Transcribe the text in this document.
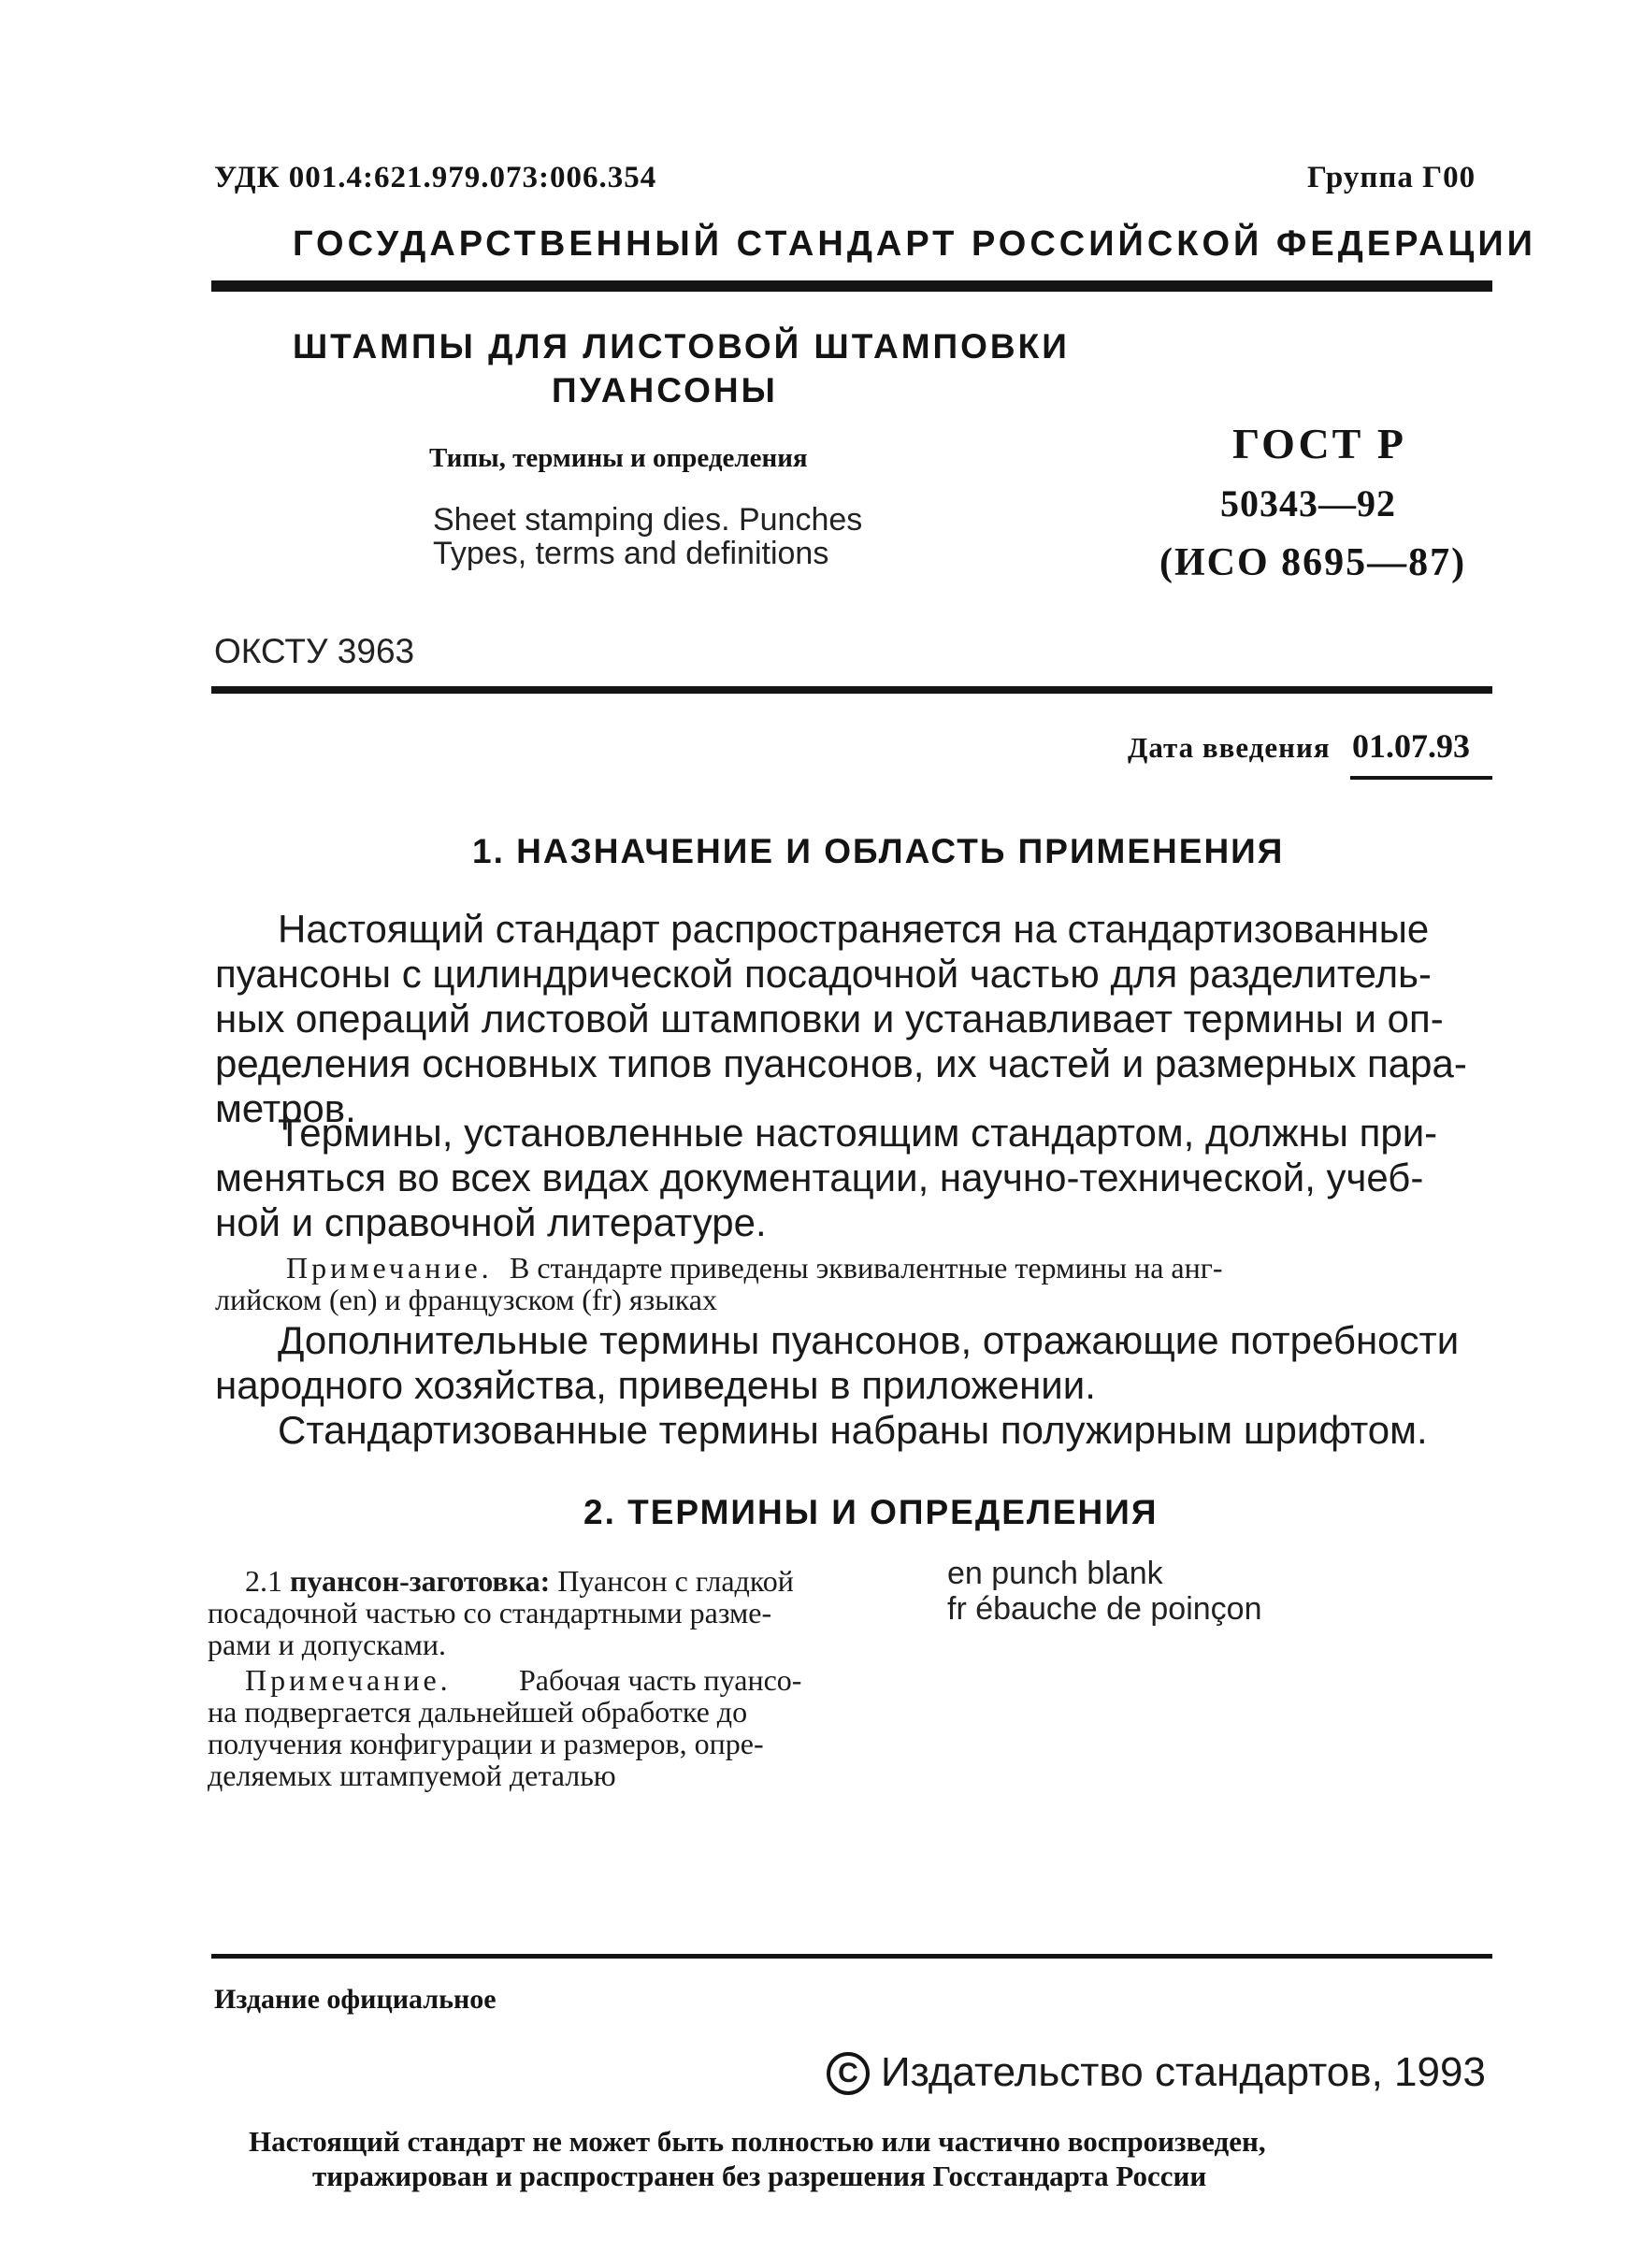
УДК 001.4:621.979.073:006.354	Группа Г00
ГОСУДАРСТВЕННЫЙ СТАНДАРТ РОССИЙСКОЙ ФЕДЕРАЦИИ
ШТАМПЫ ДЛЯ ЛИСТОВОЙ ШТАМПОВКИ
ПУАНСОНЫ
Типы, термины и определения
Sheet stamping dies. Punches
Types, terms and definitions
ГОСТ Р
50343—92
(ИСО 8695—87)
ОКСТУ 3963
Дата введения 01.07.93
1. НАЗНАЧЕНИЕ И ОБЛАСТЬ ПРИМЕНЕНИЯ
Настоящий стандарт распространяется на стандартизованные
пуансоны с цилиндрической посадочной частью для разделитель-
ных операций листовой штамповки и устанавливает термины и оп-
ределения основных типов пуансонов, их частей и размерных пара-
метров.
Термины, установленные настоящим стандартом, должны при-
меняться во всех видах документации, научно-технической, учеб-
ной и справочной литературе.
Примечание. В стандарте приведены эквивалентные термины на анг-
лийском (en) и французском (fr) языках
Дополнительные термины пуансонов, отражающие потребности
народного хозяйства, приведены в приложении.
Стандартизованные термины набраны полужирным шрифтом.
2. ТЕРМИНЫ И ОПРЕДЕЛЕНИЯ
2.1 пуансон-заготовка: Пуансон с гладкой
посадочной частью со стандартными разме-
рами и допусками.
Примечание. Рабочая часть пуансо-
на подвергается дальнейшей обработке до
получения конфигурации и размеров, опре-
деляемых штампуемой деталью
en punch blank
fr ébauche de poinçon
Издание официальное
С Издательство стандартов, 1993
Настоящий стандарт не может быть полностью или частично воспроизведен,
тиражирован и распространен без разрешения Госстандарта России
